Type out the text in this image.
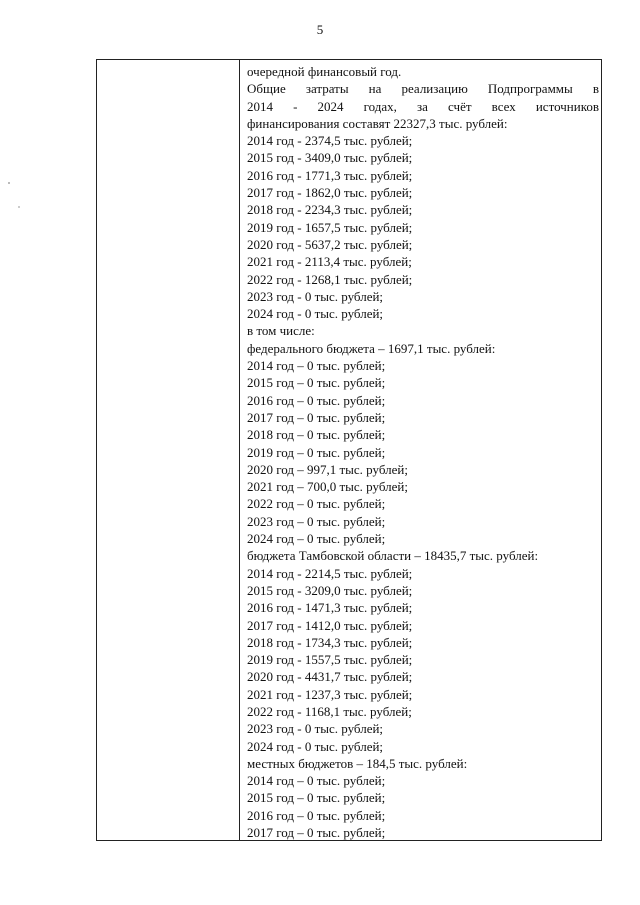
5
очередной финансовый год.
Общие затраты на реализацию Подпрограммы в
2014 - 2024 годах, за счёт всех источников
финансирования составят 22327,3 тыс. рублей:
2014 год - 2374,5 тыс. рублей;
2015 год - 3409,0 тыс. рублей;
2016 год - 1771,3 тыс. рублей;
2017 год - 1862,0 тыс. рублей;
2018 год - 2234,3 тыс. рублей;
2019 год - 1657,5 тыс. рублей;
2020 год - 5637,2 тыс. рублей;
2021 год - 2113,4 тыс. рублей;
2022 год - 1268,1 тыс. рублей;
2023 год - 0 тыс. рублей;
2024 год - 0 тыс. рублей;
в том числе:
федерального бюджета – 1697,1 тыс. рублей:
2014 год – 0 тыс. рублей;
2015 год – 0 тыс. рублей;
2016 год – 0 тыс. рублей;
2017 год – 0 тыс. рублей;
2018 год – 0 тыс. рублей;
2019 год – 0 тыс. рублей;
2020 год – 997,1 тыс. рублей;
2021 год – 700,0 тыс. рублей;
2022 год – 0 тыс. рублей;
2023 год – 0 тыс. рублей;
2024 год – 0 тыс. рублей;
бюджета Тамбовской области – 18435,7 тыс. рублей:
2014 год - 2214,5 тыс. рублей;
2015 год - 3209,0 тыс. рублей;
2016 год - 1471,3 тыс. рублей;
2017 год - 1412,0 тыс. рублей;
2018 год - 1734,3 тыс. рублей;
2019 год - 1557,5 тыс. рублей;
2020 год - 4431,7 тыс. рублей;
2021 год - 1237,3 тыс. рублей;
2022 год - 1168,1 тыс. рублей;
2023 год - 0 тыс. рублей;
2024 год - 0 тыс. рублей;
местных бюджетов – 184,5 тыс. рублей:
2014 год – 0 тыс. рублей;
2015 год – 0 тыс. рублей;
2016 год – 0 тыс. рублей;
2017 год – 0 тыс. рублей;
